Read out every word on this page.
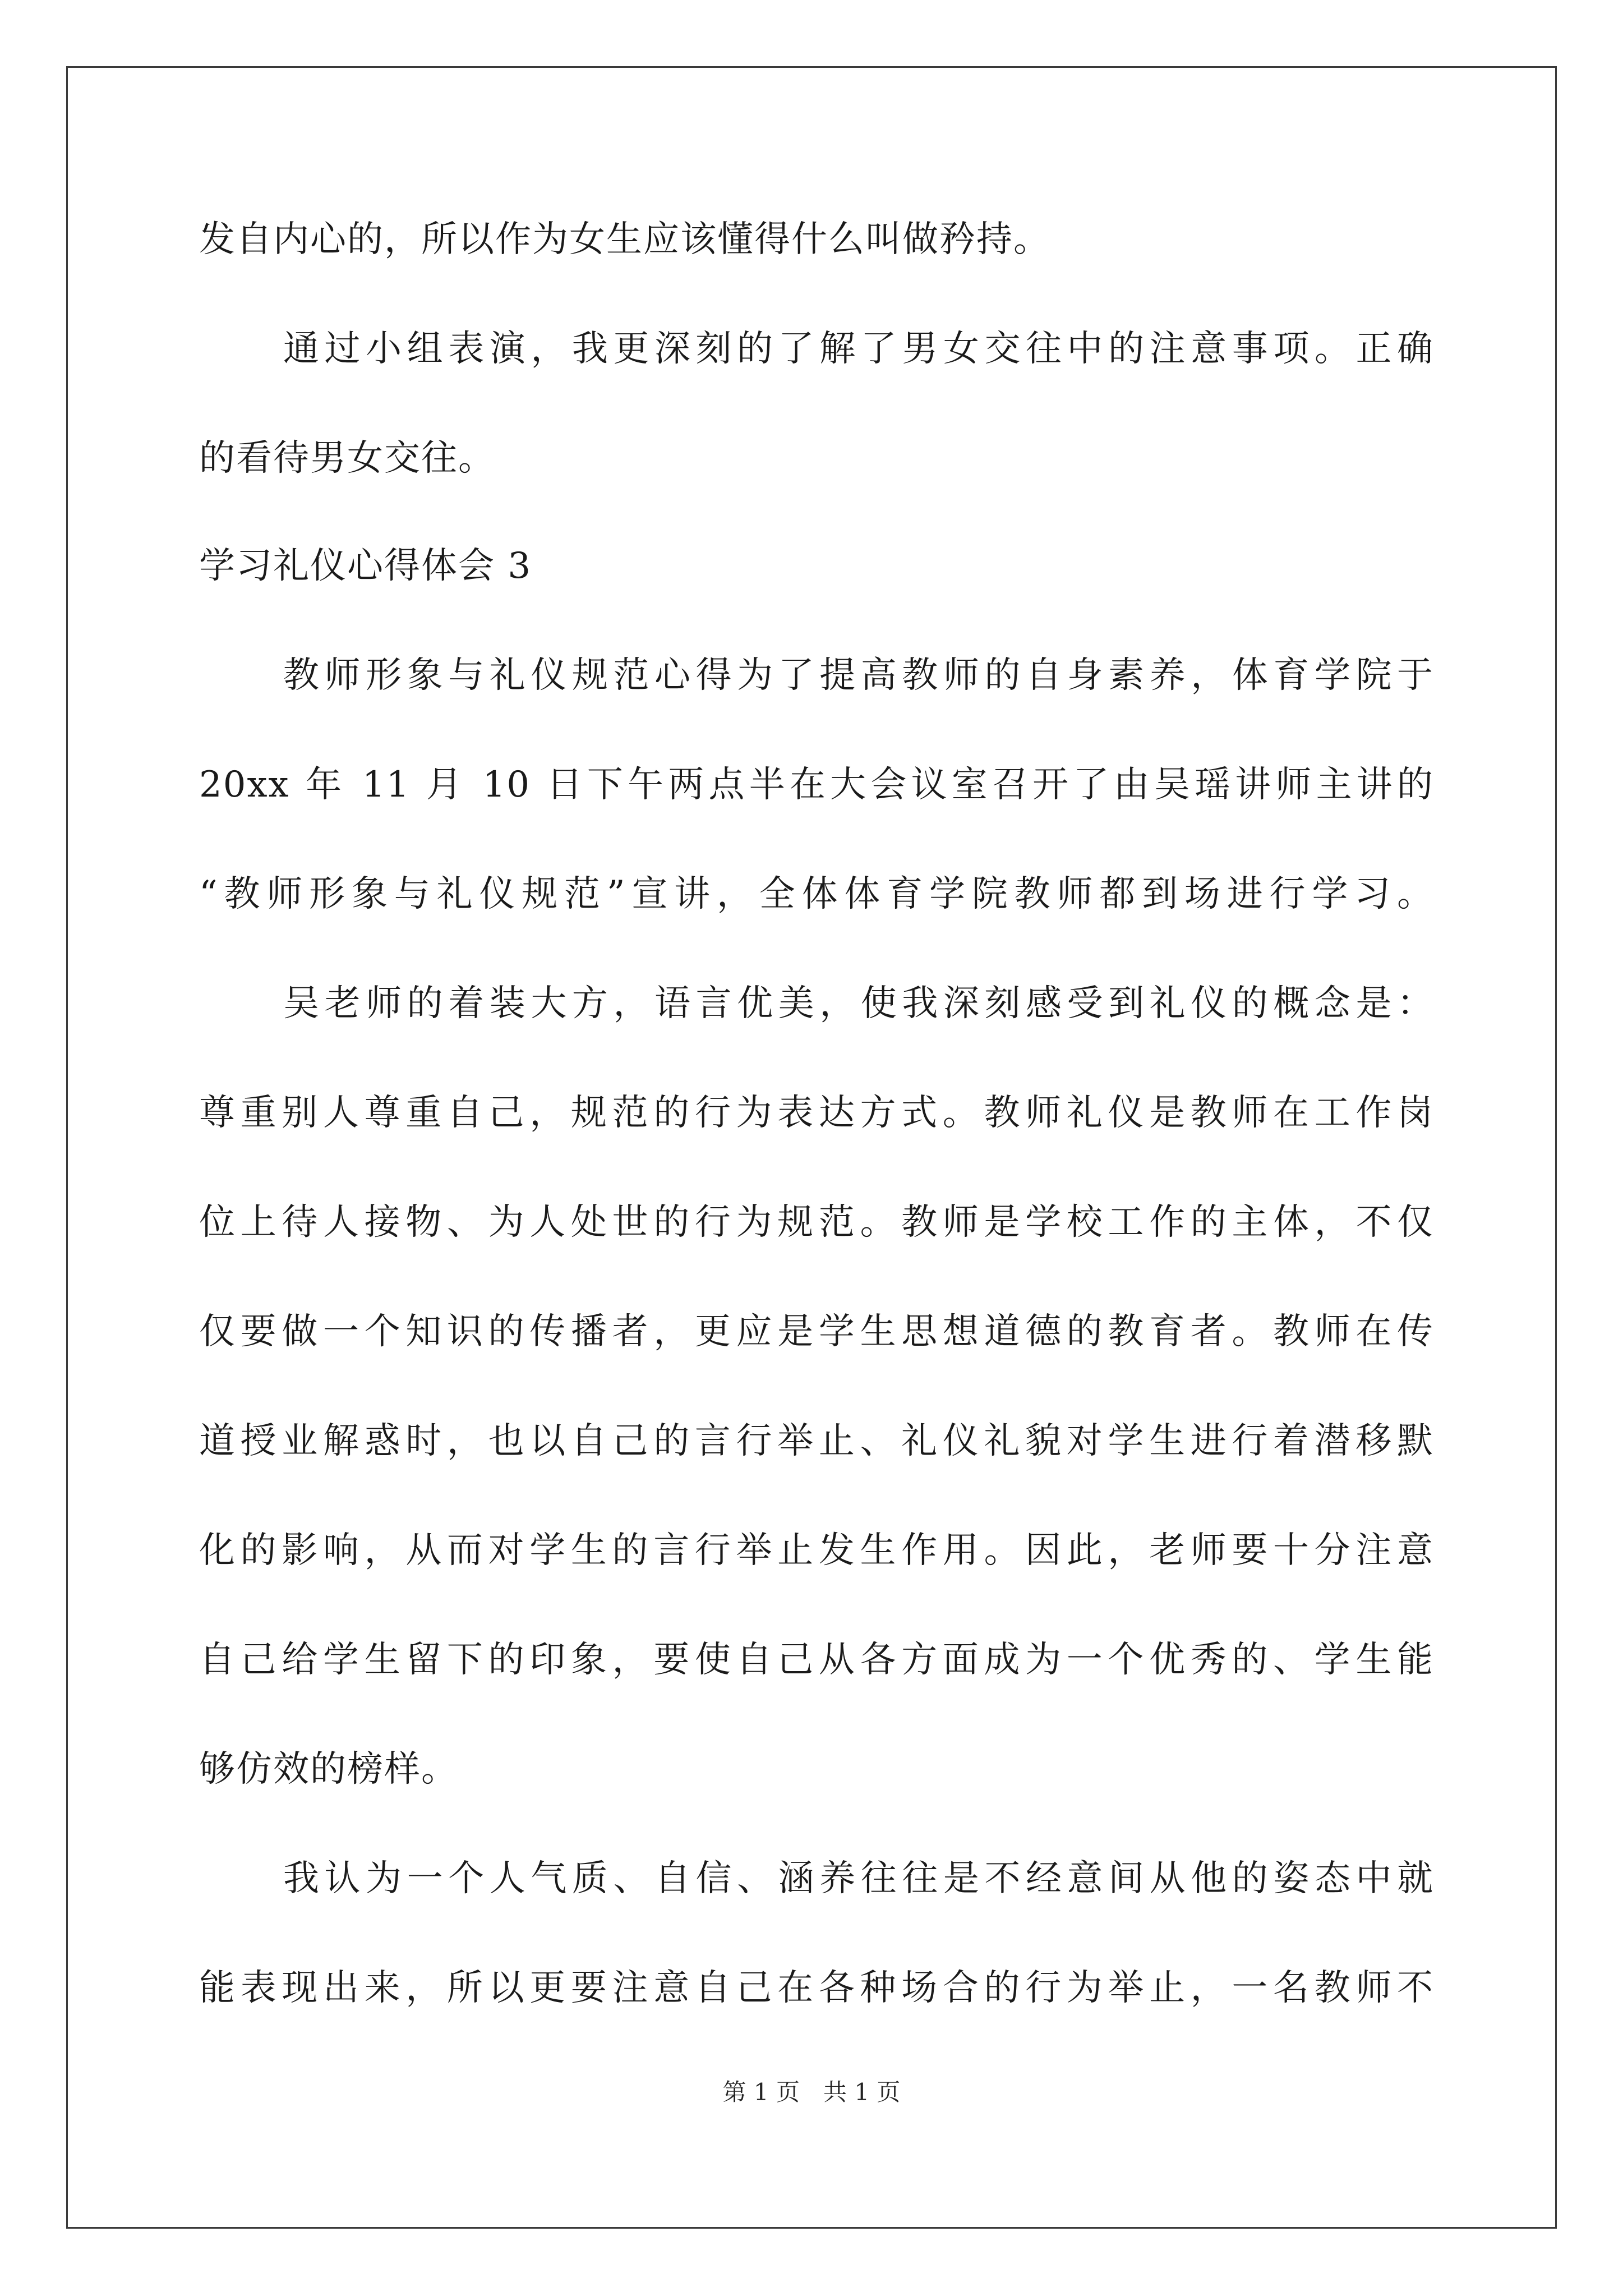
发自内心的，所以作为女生应该懂得什么叫做矜持。
通过小组表演，我更深刻的了解了男女交往中的注意事项。正确
的看待男女交往。
学习礼仪心得体会 3
教师形象与礼仪规范心得为了提高教师的自身素养，体育学院于
20xx 年 11 月 10 日下午两点半在大会议室召开了由吴瑶讲师主讲的
“教师形象与礼仪规范”宣讲，全体体育学院教师都到场进行学习。
吴老师的着装大方，语言优美，使我深刻感受到礼仪的概念是：
尊重别人尊重自己，规范的行为表达方式。教师礼仪是教师在工作岗
位上待人接物、为人处世的行为规范。教师是学校工作的主体，不仅
仅要做一个知识的传播者，更应是学生思想道德的教育者。教师在传
道授业解惑时，也以自己的言行举止、礼仪礼貌对学生进行着潜移默
化的影响，从而对学生的言行举止发生作用。因此，老师要十分注意
自己给学生留下的印象，要使自己从各方面成为一个优秀的、学生能
够仿效的榜样。
我认为一个人气质、自信、涵养往往是不经意间从他的姿态中就
能表现出来，所以更要注意自己在各种场合的行为举止，一名教师不
第 1 页　共 1 页
